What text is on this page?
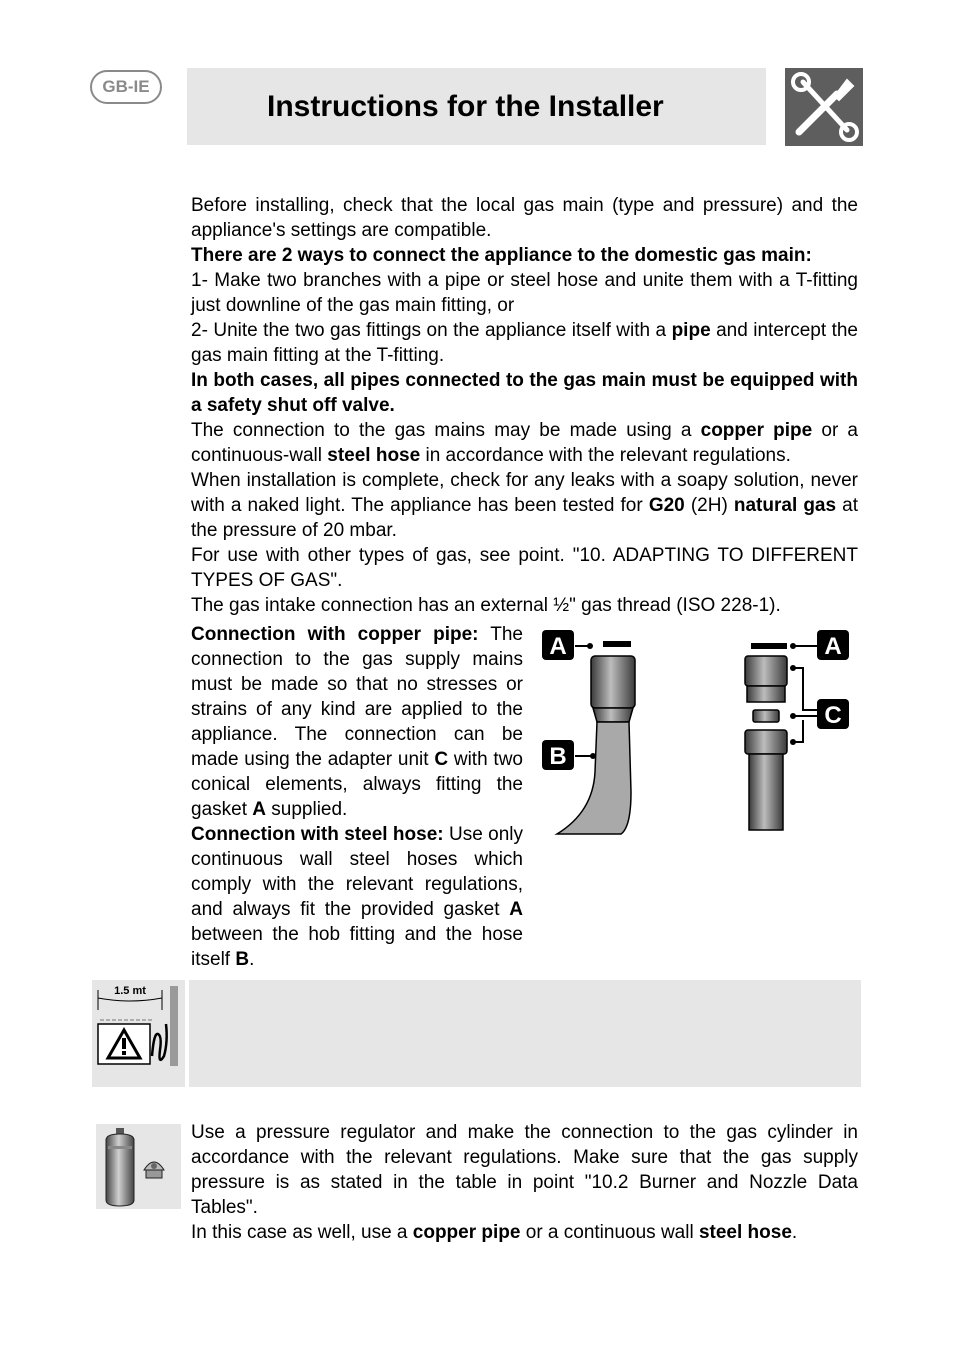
GB-IE
Instructions for the Installer

Before installing, check that the local gas main (type and pressure) and the appliance's settings are compatible.

There are 2 ways to connect the appliance to the domestic gas main:

1- Make two branches with a pipe or steel hose and unite them with a T-fitting just downline of the gas main fitting, or

2- Unite the two gas fittings on the appliance itself with a pipe and intercept the gas main fitting at the T-fitting.

In both cases, all pipes connected to the gas main must be equipped with a safety shut off valve.

The connection to the gas mains may be made using a copper pipe or a continuous-wall steel hose in accordance with the relevant regulations.

When installation is complete, check for any leaks with a soapy solution, never with a naked light. The appliance has been tested for G20 (2H) natural gas at the pressure of 20 mbar.

For use with other types of gas, see point. "10. ADAPTING TO DIFFERENT TYPES OF GAS".

The gas intake connection has an external ½" gas thread (ISO 228-1).

Connection with copper pipe: The connection to the gas supply mains must be made so that no stresses or strains of any kind are applied to the appliance. The connection can be made using the adapter unit C with two conical elements, always fitting the gasket A supplied.

Connection with steel hose: Use only continuous wall steel hoses which comply with the relevant regulations, and always fit the provided gasket A between the hob fitting and the hose itself B.

A
B
A
C
1.5 mt

Use a pressure regulator and make the connection to the gas cylinder in accordance with the relevant regulations. Make sure that the gas supply pressure is as stated in the table in point "10.2 Burner and Nozzle Data Tables".

In this case as well, use a copper pipe or a continuous wall steel hose.
